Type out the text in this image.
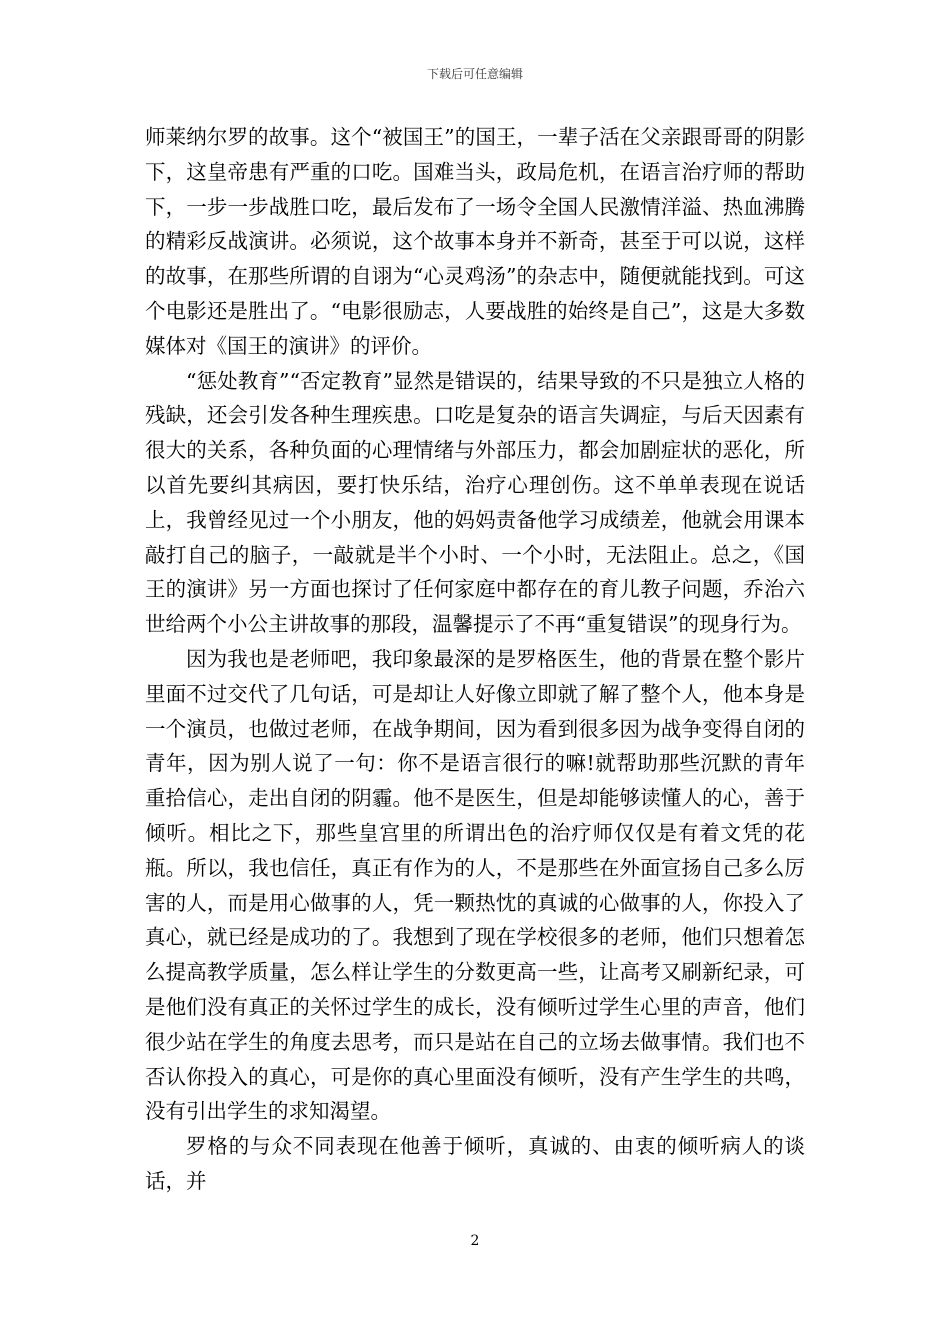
下载后可任意编辑

师莱纳尔罗的故事。这个“被国王”的国王，一辈子活在父亲跟哥哥的阴影下，这皇帝患有严重的口吃。国难当头，政局危机，在语言治疗师的帮助下，一步一步战胜口吃，最后发布了一场令全国人民激情洋溢、热血沸腾的精彩反战演讲。必须说，这个故事本身并不新奇，甚至于可以说，这样的故事，在那些所谓的自诩为“心灵鸡汤”的杂志中，随便就能找到。可这个电影还是胜出了。“电影很励志，人要战胜的始终是自己”，这是大多数媒体对《国王的演讲》的评价。

“惩处教育”“否定教育”显然是错误的，结果导致的不只是独立人格的残缺，还会引发各种生理疾患。口吃是复杂的语言失调症，与后天因素有很大的关系，各种负面的心理情绪与外部压力，都会加剧症状的恶化，所以首先要纠其病因，要打快乐结，治疗心理创伤。这不单单表现在说话上，我曾经见过一个小朋友，他的妈妈责备他学习成绩差，他就会用课本敲打自己的脑子，一敲就是半个小时、一个小时，无法阻止。总之，《国王的演讲》另一方面也探讨了任何家庭中都存在的育儿教子问题，乔治六世给两个小公主讲故事的那段，温馨提示了不再“重复错误”的现身行为。

因为我也是老师吧，我印象最深的是罗格医生，他的背景在整个影片里面不过交代了几句话，可是却让人好像立即就了解了整个人，他本身是一个演员，也做过老师，在战争期间，因为看到很多因为战争变得自闭的青年，因为别人说了一句：你不是语言很行的嘛!就帮助那些沉默的青年重拾信心，走出自闭的阴霾。他不是医生，但是却能够读懂人的心，善于倾听。相比之下，那些皇宫里的所谓出色的治疗师仅仅是有着文凭的花瓶。所以，我也信任，真正有作为的人，不是那些在外面宣扬自己多么厉害的人，而是用心做事的人，凭一颗热忱的真诚的心做事的人，你投入了真心，就已经是成功的了。我想到了现在学校很多的老师，他们只想着怎么提高教学质量，怎么样让学生的分数更高一些，让高考又刷新纪录，可是他们没有真正的关怀过学生的成长，没有倾听过学生心里的声音，他们很少站在学生的角度去思考，而只是站在自己的立场去做事情。我们也不否认你投入的真心，可是你的真心里面没有倾听，没有产生学生的共鸣，没有引出学生的求知渴望。

罗格的与众不同表现在他善于倾听，真诚的、由衷的倾听病人的谈话，并

2
